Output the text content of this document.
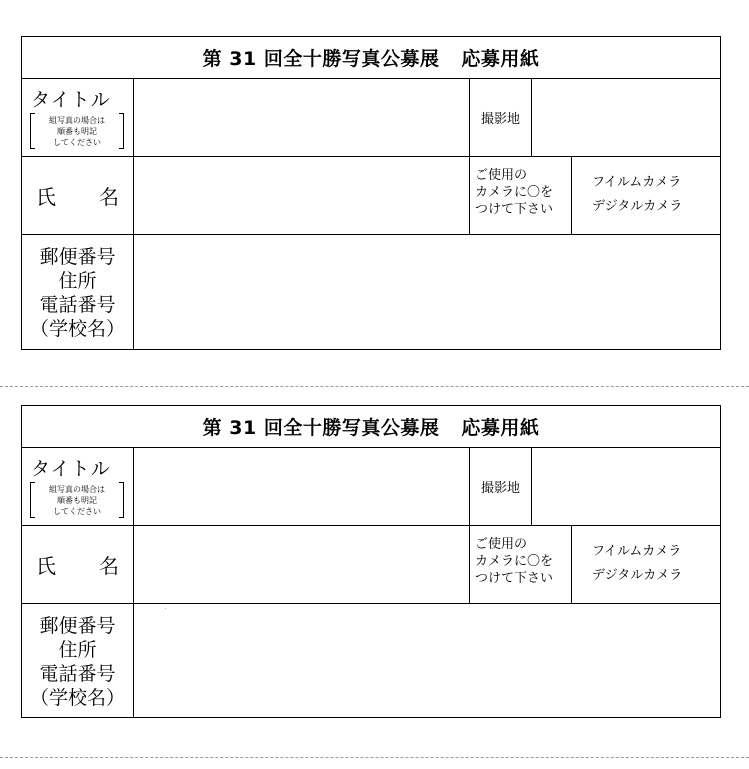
第 31 回全十勝写真公募展 応募用紙
タイトル
組写真の場合は
順番も明記
してください
撮影地
氏 名
ご使用の
カメラに〇を
つけて下さい
フイルムカメラ
デジタルカメラ
郵便番号
住所
電話番号
（学校名）
第 31 回全十勝写真公募展 応募用紙
タイトル
組写真の場合は
順番も明記
してください
撮影地
氏 名
ご使用の
カメラに〇を
つけて下さい
フイルムカメラ
デジタルカメラ
郵便番号
住所
電話番号
（学校名）
